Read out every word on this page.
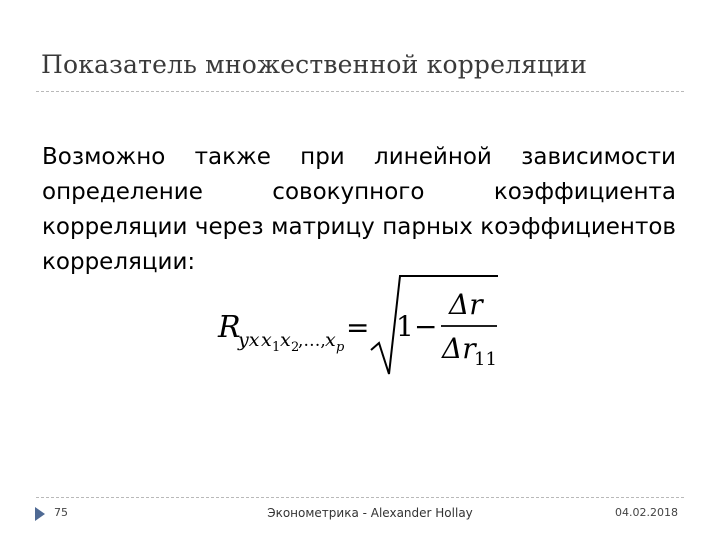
Показатель множественной корреляции
Возможно также при линейной зависимости определение совокупного коэффициента корреляции через матрицу парных коэффициентов корреляции:
R
yx x 1 x 2
,…, x p
= 1 −
Δr
Δr
11
75	Эконометрика - Alexander Hollay	04.02.2018
